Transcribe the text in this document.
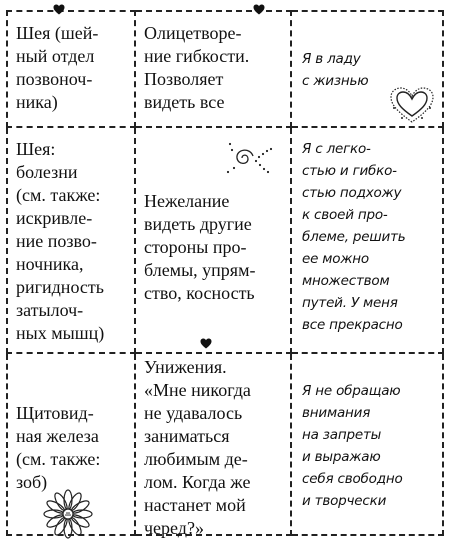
Шея (шей-
ный отдел
позвоноч-
ника)
Олицетворе-
ние гибкости.
Позволяет
видеть все
Я в ладу
с жизнью
Шея:
болезни
(см. также:
искривле-
ние позво-
ночника,
ригидность
затылоч-
ных мышц)
Нежелание
видеть другие
стороны про-
блемы, упрям-
ство, косность
Я с легко-
стью и гибко-
стью подхожу
к своей про-
блеме, решить
ее можно
множеством
путей. У меня
все прекрасно
Щитовид-
ная железа
(см. также:
зоб)
Унижения.
«Мне никогда
не удавалось
заниматься
любимым де-
лом. Когда же
настанет мой
черед?»
Я не обращаю
внимания
на запреты
и выражаю
себя свободно
и творчески
